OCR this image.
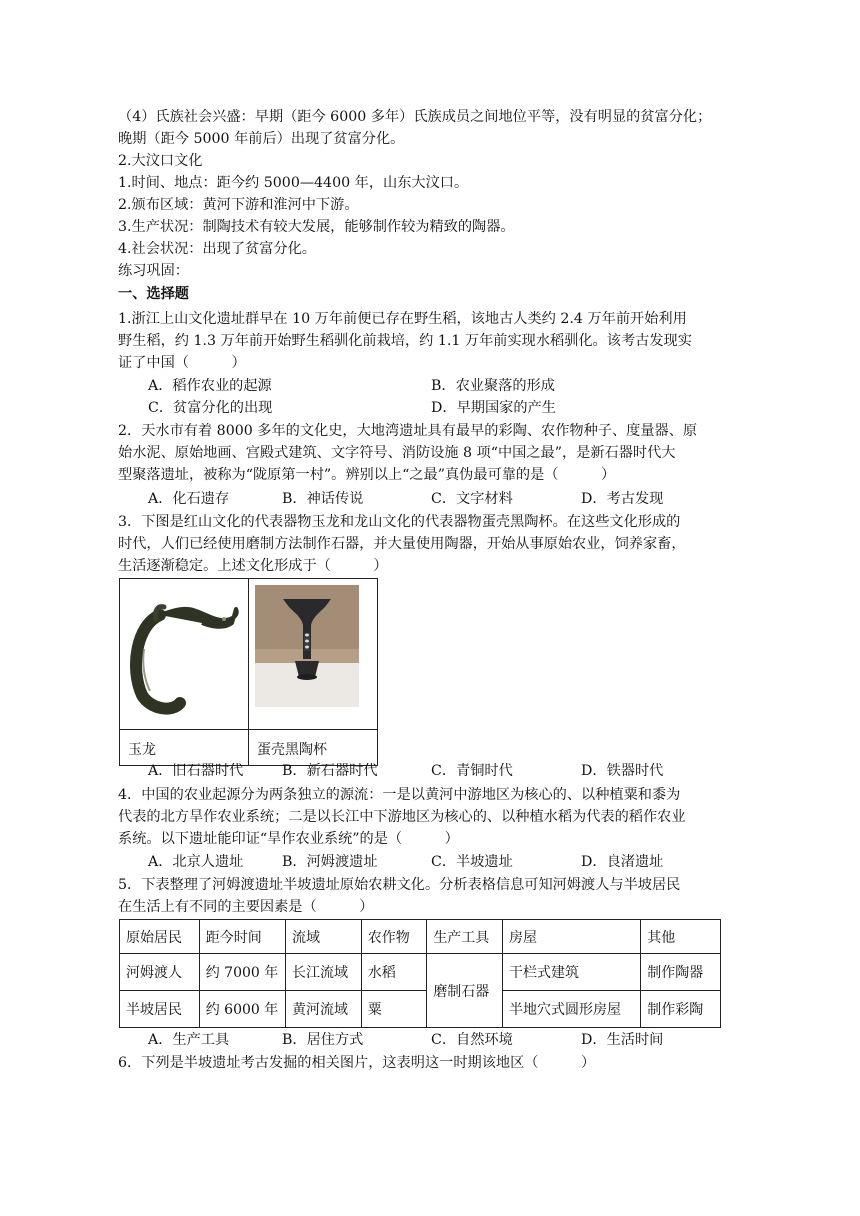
（4）氏族社会兴盛：早期（距今 6000 多年）氏族成员之间地位平等，没有明显的贫富分化；
晚期（距今 5000 年前后）出现了贫富分化。
2.大汶口文化
1.时间、地点：距今约 5000—4400 年，山东大汶口。
2.颁布区域：黄河下游和淮河中下游。
3.生产状况：制陶技术有较大发展，能够制作较为精致的陶器。
4.社会状况：出现了贫富分化。
练习巩固：
一、选择题
1.浙江上山文化遗址群早在 10 万年前便已存在野生稻，该地古人类约 2.4 万年前开始利用
野生稻，约 1.3 万年前开始野生稻驯化前栽培，约 1.1 万年前实现水稻驯化。该考古发现实
证了中国（　　　）
A．稻作农业的起源	B．农业聚落的形成
C．贫富分化的出现	D．早期国家的产生
2．天水市有着 8000 多年的文化史，大地湾遗址具有最早的彩陶、农作物种子、度量器、原
始水泥、原始地画、宫殿式建筑、文字符号、消防设施 8 项“中国之最”，是新石器时代大
型聚落遗址，被称为“陇原第一村”。辨别以上“之最”真伪最可靠的是（　　　）
A．化石遗存	B．神话传说	C．文字材料	D．考古发现
3．下图是红山文化的代表器物玉龙和龙山文化的代表器物蛋壳黑陶杯。在这些文化形成的
时代，人们已经使用磨制方法制作石器，并大量使用陶器，开始从事原始农业，饲养家畜，
生活逐渐稳定。上述文化形成于（　　　）

玉龙	蛋壳黑陶杯
A．旧石器时代	B．新石器时代	C．青铜时代	D．铁器时代
4．中国的农业起源分为两条独立的源流：一是以黄河中游地区为核心的、以种植粟和黍为
代表的北方旱作农业系统；二是以长江中下游地区为核心的、以种植水稻为代表的稻作农业
系统。以下遗址能印证“旱作农业系统”的是（　　　）
A．北京人遗址	B．河姆渡遗址	C．半坡遗址	D．良渚遗址
5．下表整理了河姆渡遗址半坡遗址原始农耕文化。分析表格信息可知河姆渡人与半坡居民
在生活上有不同的主要因素是（　　　）
原始居民	距今时间	流域	农作物	生产工具	房屋	其他
河姆渡人	约 7000 年	长江流域	水稻	磨制石器	干栏式建筑	制作陶器
半坡居民	约 6000 年	黄河流域	粟		半地穴式圆形房屋	制作彩陶
A．生产工具	B．居住方式	C．自然环境	D．生活时间
6．下列是半坡遗址考古发掘的相关图片，这表明这一时期该地区（　　　）
